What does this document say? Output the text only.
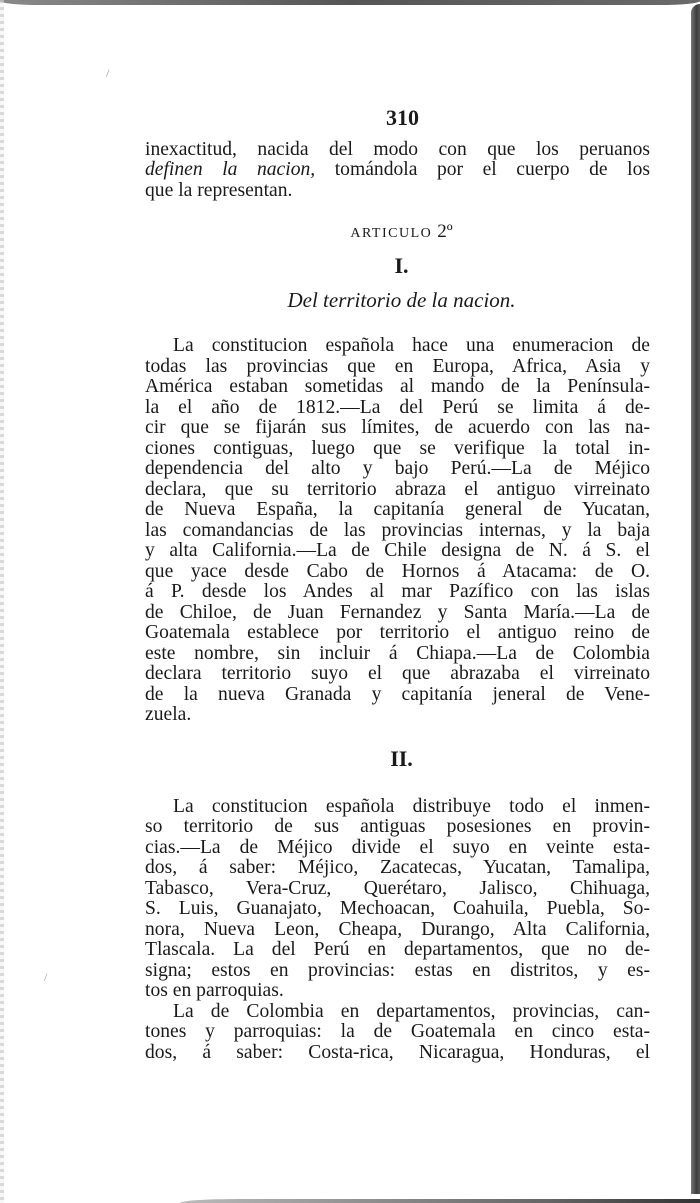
/
/
310
inexactitud, nacida del modo con que los peruanos
definen la nacion, tomándola por el cuerpo de los
que la representan.
ARTICULO 2º
I.
Del territorio de la nacion.
La constitucion española hace una enumeracion de
todas las provincias que en Europa, Africa, Asia y
América estaban sometidas al mando de la Península-
la el año de 1812.—La del Perú se limita á de-
cir que se fijarán sus límites, de acuerdo con las na-
ciones contiguas, luego que se verifique la total in-
dependencia del alto y bajo Perú.—La de Méjico
declara, que su territorio abraza el antiguo virreinato
de Nueva España, la capitanía general de Yucatan,
las comandancias de las provincias internas, y la baja
y alta California.—La de Chile designa de N. á S. el
que yace desde Cabo de Hornos á Atacama: de O.
á P. desde los Andes al mar Pazífico con las islas
de Chiloe, de Juan Fernandez y Santa María.—La de
Goatemala establece por territorio el antiguo reino de
este nombre, sin incluir á Chiapa.—La de Colombia
declara territorio suyo el que abrazaba el virreinato
de la nueva Granada y capitanía jeneral de Vene-
zuela.
II.
La constitucion española distribuye todo el inmen-
so territorio de sus antiguas posesiones en provin-
cias.—La de Méjico divide el suyo en veinte esta-
dos, á saber: Méjico, Zacatecas, Yucatan, Tamalipa,
Tabasco, Vera-Cruz, Querétaro, Jalisco, Chihuaga,
S. Luis, Guanajato, Mechoacan, Coahuila, Puebla, So-
nora, Nueva Leon, Cheapa, Durango, Alta California,
Tlascala. La del Perú en departamentos, que no de-
signa; estos en provincias: estas en distritos, y es-
tos en parroquias.
La de Colombia en departamentos, provincias, can-
tones y parroquias: la de Goatemala en cinco esta-
dos, á saber: Costa-rica, Nicaragua, Honduras, el
